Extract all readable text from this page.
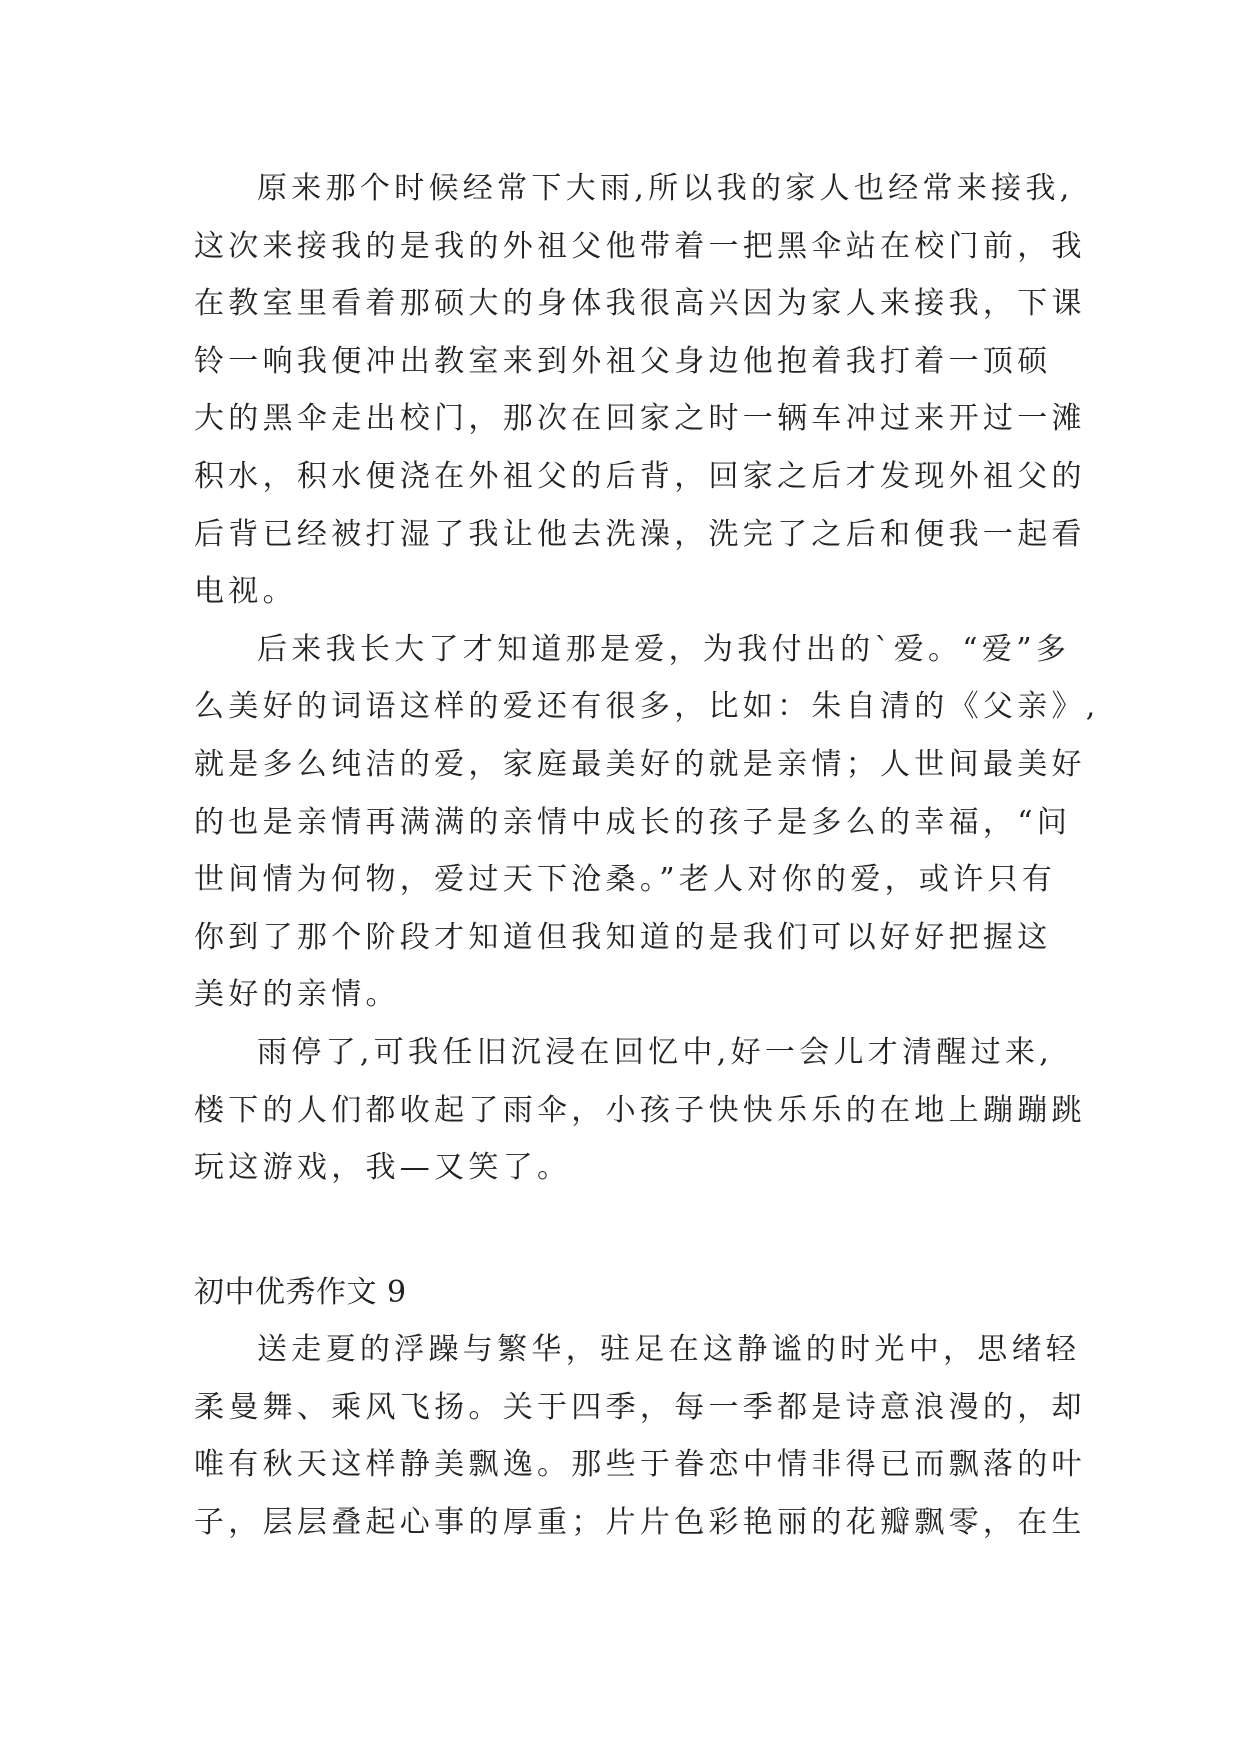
原来那个时候经常下大雨,所以我的家人也经常来接我,
这次来接我的是我的外祖父他带着一把黑伞站在校门前，我
在教室里看着那硕大的身体我很高兴因为家人来接我，下课
铃一响我便冲出教室来到外祖父身边他抱着我打着一顶硕
大的黑伞走出校门，那次在回家之时一辆车冲过来开过一滩
积水，积水便浇在外祖父的后背，回家之后才发现外祖父的
后背已经被打湿了我让他去洗澡，洗完了之后和便我一起看
电视。
后来我长大了才知道那是爱，为我付出的`爱。“爱”多
么美好的词语这样的爱还有很多，比如：朱自清的《父亲》,
就是多么纯洁的爱，家庭最美好的就是亲情；人世间最美好
的也是亲情再满满的亲情中成长的孩子是多么的幸福，“问
世间情为何物，爱过天下沧桑。”老人对你的爱，或许只有
你到了那个阶段才知道但我知道的是我们可以好好把握这
美好的亲情。
雨停了,可我任旧沉浸在回忆中,好一会儿才清醒过来,
楼下的人们都收起了雨伞，小孩子快快乐乐的在地上蹦蹦跳
玩这游戏，我—又笑了。
初中优秀作文 9
送走夏的浮躁与繁华，驻足在这静谧的时光中，思绪轻
柔曼舞、乘风飞扬。关于四季，每一季都是诗意浪漫的，却
唯有秋天这样静美飘逸。那些于眷恋中情非得已而飘落的叶
子，层层叠起心事的厚重；片片色彩艳丽的花瓣飘零，在生
